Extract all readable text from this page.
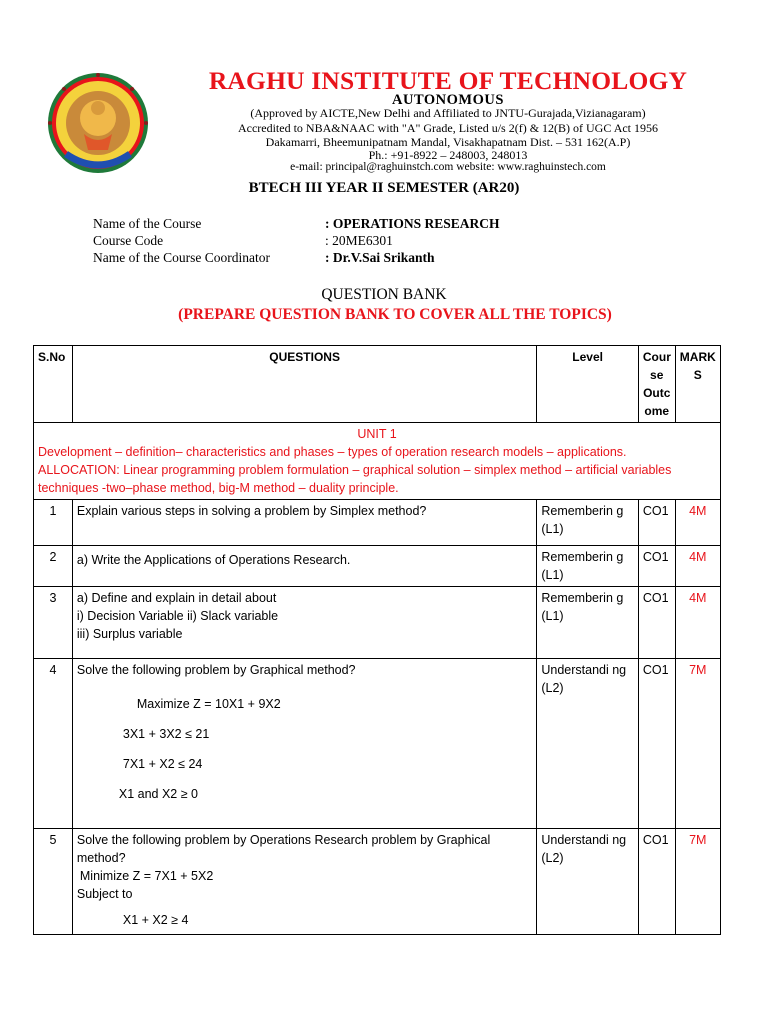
RAGHU INSTITUTE OF TECHNOLOGY
AUTONOMOUS
(Approved by AICTE,New Delhi and Affiliated to JNTU-Gurajada,Vizianagaram)
Accredited to NBA&NAAC with "A" Grade, Listed u/s 2(f) & 12(B) of UGC Act 1956
Dakamarri, Bheemunipatnam Mandal, Visakhapatnam Dist. – 531 162(A.P)
Ph.: +91-8922 – 248003, 248013
e-mail: principal@raghuinstch.com website: www.raghuinstech.com
BTECH III YEAR II SEMESTER (AR20)
Name of the Course	: OPERATIONS RESEARCH
Course Code	: 20ME6301
Name of the Course Coordinator	: Dr.V.Sai Srikanth
QUESTION BANK
(PREPARE QUESTION BANK TO COVER ALL THE TOPICS)
S.No	QUESTIONS	Level	Cour se Outc ome	MARK S

UNIT 1
Development – definition– characteristics and phases – types of operation research models – applications.
ALLOCATION: Linear programming problem formulation – graphical solution – simplex method – artificial variables techniques -two–phase method, big-M method – duality principle.				

1	Explain various steps in solving a problem by Simplex method?	Rememberin g (L1)	CO1	4M
2	a) Write the Applications of Operations Research.	Rememberin g (L1)	CO1	4M
3	a) Define and explain in detail about
i) Decision Variable ii) Slack variable
iii) Surplus variable	Rememberin g (L1)	CO1	4M
4	Solve the following problem by Graphical method?
Maximize Z = 10X1 + 9X2
3X1 + 3X2 ≤ 21
7X1 + X2 ≤ 24
X1 and X2 ≥ 0	Understandi ng (L2)	CO1	7M
5	Solve the following problem by Operations Research problem by Graphical method?
Minimize Z = 7X1 + 5X2
Subject to
X1 + X2 ≥ 4	Understandi ng (L2)	CO1	7M
